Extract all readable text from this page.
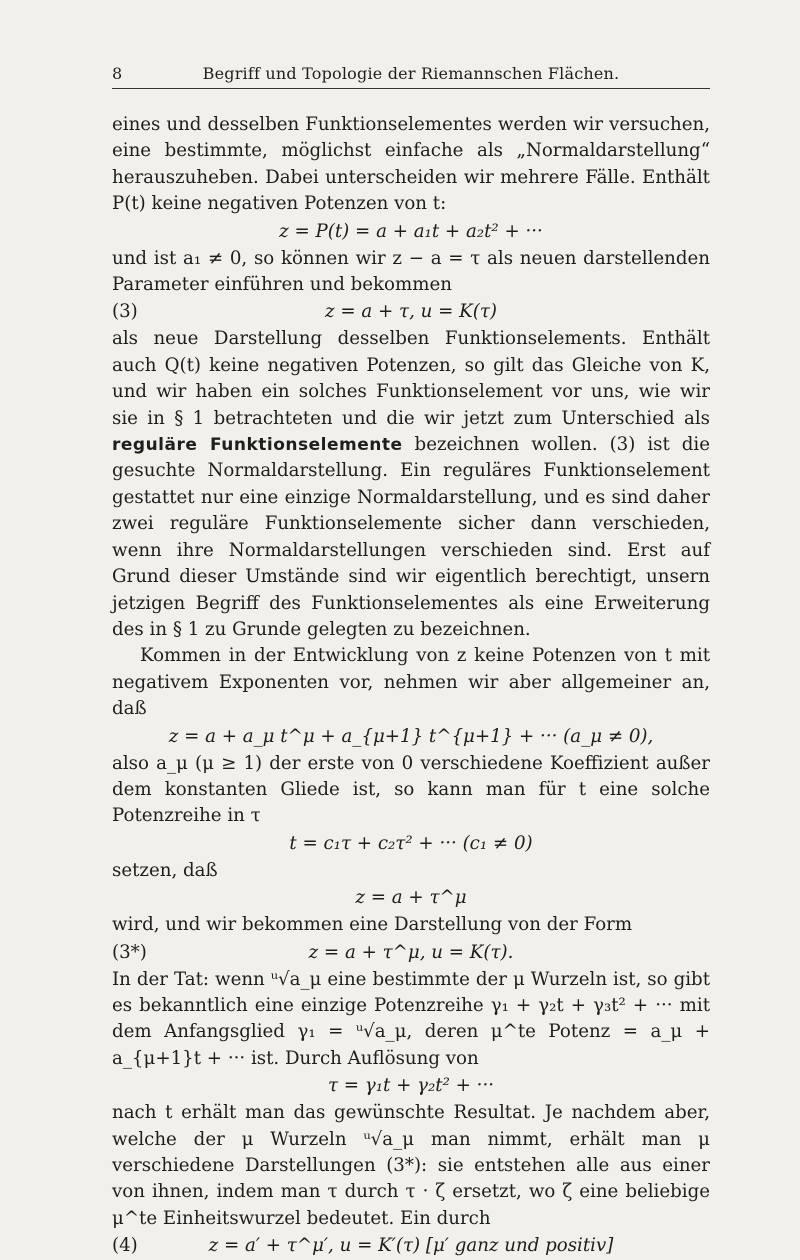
8	Begriff und Topologie der Riemannschen Flächen.

eines und desselben Funktionselementes werden wir versuchen, eine bestimmte, möglichst einfache als „Normaldarstellung“ herauszuheben. Dabei unterscheiden wir mehrere Fälle. Enthält P(t) keine negativen Potenzen von t:

z = P(t) = a + a₁t + a₂t² + ···

und ist a₁ ≠ 0, so können wir z − a = τ als neuen darstellenden Parameter einführen und bekommen

(3)	z = a + τ, u = K(τ)

als neue Darstellung desselben Funktionselements. Enthält auch Q(t) keine negativen Potenzen, so gilt das Gleiche von K, und wir haben ein solches Funktionselement vor uns, wie wir sie in § 1 betrachteten und die wir jetzt zum Unterschied als reguläre Funktionselemente bezeichnen wollen. (3) ist die gesuchte Normaldarstellung. Ein reguläres Funktionselement gestattet nur eine einzige Normaldarstellung, und es sind daher zwei reguläre Funktionselemente sicher dann verschieden, wenn ihre Normaldarstellungen verschieden sind. Erst auf Grund dieser Umstände sind wir eigentlich berechtigt, unsern jetzigen Begriff des Funktionselementes als eine Erweiterung des in § 1 zu Grunde gelegten zu bezeichnen.

Kommen in der Entwicklung von z keine Potenzen von t mit negativem Exponenten vor, nehmen wir aber allgemeiner an, daß

z = a + a_μ t^μ + a_{μ+1} t^{μ+1} + ··· (a_μ ≠ 0),

also a_μ (μ ≥ 1) der erste von 0 verschiedene Koeffizient außer dem konstanten Gliede ist, so kann man für t eine solche Potenzreihe in τ

t = c₁τ + c₂τ² + ··· (c₁ ≠ 0)

setzen, daß

z = a + τ^μ

wird, und wir bekommen eine Darstellung von der Form

(3*)	z = a + τ^μ, u = K(τ).

In der Tat: wenn ᵘ√a_μ eine bestimmte der μ Wurzeln ist, so gibt es bekanntlich eine einzige Potenzreihe γ₁ + γ₂t + γ₃t² + ··· mit dem Anfangsglied γ₁ = ᵘ√a_μ, deren μ^te Potenz = a_μ + a_{μ+1}t + ··· ist. Durch Auflösung von

τ = γ₁t + γ₂t² + ···

nach t erhält man das gewünschte Resultat. Je nachdem aber, welche der μ Wurzeln ᵘ√a_μ man nimmt, erhält man μ verschiedene Darstellungen (3*): sie entstehen alle aus einer von ihnen, indem man τ durch τ · ζ ersetzt, wo ζ eine beliebige μ^te Einheitswurzel bedeutet. Ein durch

(4)	z = a′ + τ^μ′, u = K′(τ) [μ′ ganz und positiv]
